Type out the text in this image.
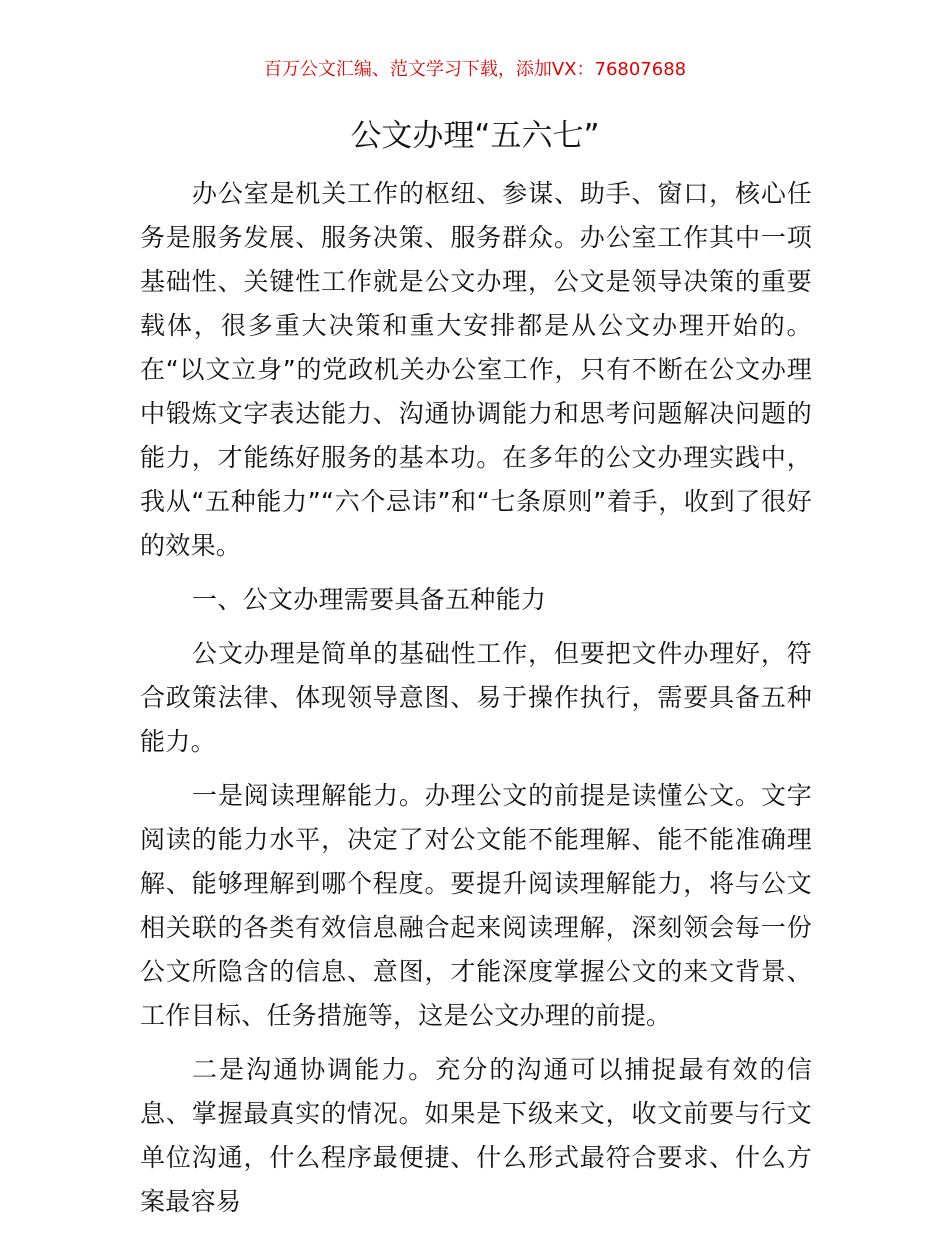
百万公文汇编、范文学习下载，添加VX：76807688
公文办理“五六七”

办公室是机关工作的枢纽、参谋、助手、窗口，核心任务是服务发展、服务决策、服务群众。办公室工作其中一项基础性、关键性工作就是公文办理，公文是领导决策的重要载体，很多重大决策和重大安排都是从公文办理开始的。在“以文立身”的党政机关办公室工作，只有不断在公文办理中锻炼文字表达能力、沟通协调能力和思考问题解决问题的能力，才能练好服务的基本功。在多年的公文办理实践中，我从“五种能力”“六个忌讳”和“七条原则”着手，收到了很好的效果。

一、公文办理需要具备五种能力

公文办理是简单的基础性工作，但要把文件办理好，符合政策法律、体现领导意图、易于操作执行，需要具备五种能力。

一是阅读理解能力。办理公文的前提是读懂公文。文字阅读的能力水平，决定了对公文能不能理解、能不能准确理解、能够理解到哪个程度。要提升阅读理解能力，将与公文相关联的各类有效信息融合起来阅读理解，深刻领会每一份公文所隐含的信息、意图，才能深度掌握公文的来文背景、工作目标、任务措施等，这是公文办理的前提。

二是沟通协调能力。充分的沟通可以捕捉最有效的信息、掌握最真实的情况。如果是下级来文，收文前要与行文单位沟通，什么程序最便捷、什么形式最符合要求、什么方案最容易
